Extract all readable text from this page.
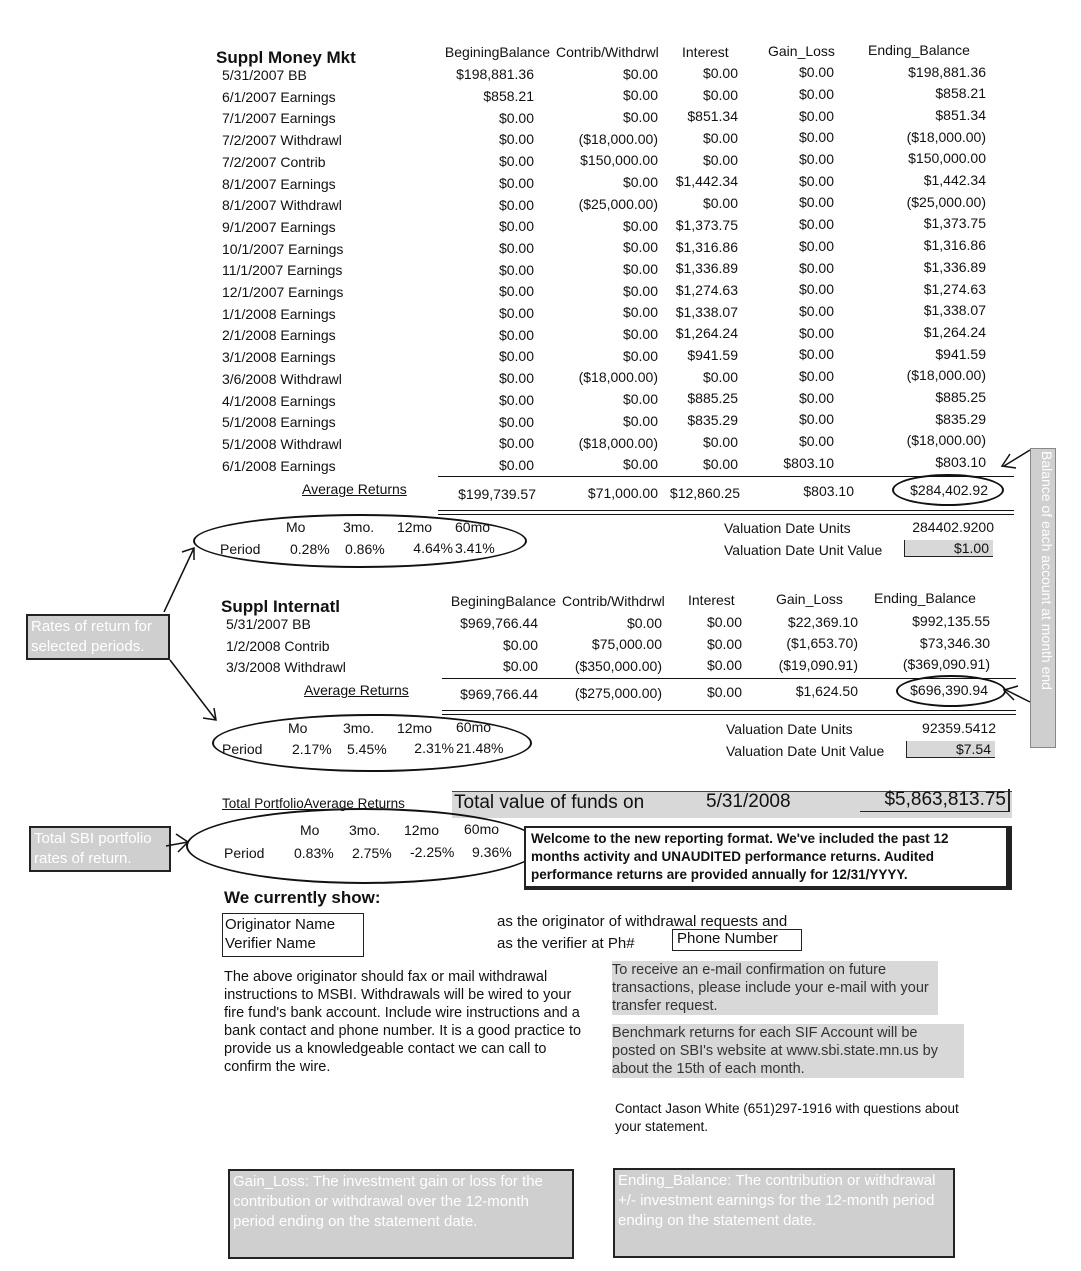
Suppl Money Mkt	BeginingBalance Contrib/Withdrwl Interest	Gain_Loss Ending_Balance
5/31/2007 BB	$198,881.36	$0.00	$0.00	$0.00	$198,881.36
6/1/2007 Earnings	$858.21	$0.00	$0.00	$0.00	$858.21
7/1/2007 Earnings	$0.00	$0.00	$851.34	$0.00	$851.34
7/2/2007 Withdrawl	$0.00	($18,000.00)	$0.00	$0.00	($18,000.00)
7/2/2007 Contrib	$0.00	$150,000.00	$0.00	$0.00	$150,000.00
8/1/2007 Earnings	$0.00	$0.00	$1,442.34	$0.00	$1,442.34
8/1/2007 Withdrawl	$0.00	($25,000.00)	$0.00	$0.00	($25,000.00)
9/1/2007 Earnings	$0.00	$0.00	$1,373.75	$0.00	$1,373.75
10/1/2007 Earnings	$0.00	$0.00	$1,316.86	$0.00	$1,316.86
11/1/2007 Earnings	$0.00	$0.00	$1,336.89	$0.00	$1,336.89
12/1/2007 Earnings	$0.00	$0.00	$1,274.63	$0.00	$1,274.63
1/1/2008 Earnings	$0.00	$0.00	$1,338.07	$0.00	$1,338.07
2/1/2008 Earnings	$0.00	$0.00	$1,264.24	$0.00	$1,264.24
3/1/2008 Earnings	$0.00	$0.00	$941.59	$0.00	$941.59
3/6/2008 Withdrawl	$0.00	($18,000.00)	$0.00	$0.00	($18,000.00)
4/1/2008 Earnings	$0.00	$0.00	$885.25	$0.00	$885.25
5/1/2008 Earnings	$0.00	$0.00	$835.29	$0.00	$835.29
5/1/2008 Withdrawl	$0.00	($18,000.00)	$0.00	$0.00	($18,000.00)
6/1/2008 Earnings	$0.00	$0.00	$0.00	$803.10	$803.10
Average Returns	$199,739.57	$71,000.00 $12,860.25	$803.10	$284,402.92
Mo	3mo. 12mo 60mo
Period 0.28% 0.86%	4.64% 3.41%
Valuation Date Units	284402.9200
Valuation Date Unit Value	$1.00
Suppl Internatl	BeginingBalance Contrib/Withdrwl Interest	Gain_Loss Ending_Balance
5/31/2007 BB	$969,766.44	$0.00	$0.00	$22,369.10	$992,135.55
1/2/2008 Contrib	$0.00	$75,000.00	$0.00	($1,653.70)	$73,346.30
3/3/2008 Withdrawl	$0.00	($350,000.00)	$0.00	($19,090.91)	($369,090.91)
Average Returns	$969,766.44	($275,000.00)	$0.00	$1,624.50	$696,390.94
Mo	3mo. 12mo 60mo
Period 2.17% 5.45%	2.31% 21.48%
Valuation Date Units	92359.5412
Valuation Date Unit Value	$7.54
Total PortfolioAverage Returns	Total value of funds on	5/31/2008	$5,863,813.75
Mo 3mo. 12mo 60mo
Period 0.83% 2.75% -2.25% 9.36%
Welcome to the new reporting format. We've included the past 12 months activity and UNAUDITED performance returns. Audited performance returns are provided annually for 12/31/YYYY.
Rates of return for selected periods.
Total SBI portfolio rates of return.
Balance of each account at month end
We currently show:
Originator Name
Verifier Name
as the originator of withdrawal requests and
as the verifier at Ph#	Phone Number
The above originator should fax or mail withdrawal instructions to MSBI. Withdrawals will be wired to your fire fund's bank account. Include wire instructions and a bank contact and phone number. It is a good practice to provide us a knowledgeable contact we can call to confirm the wire.
To receive an e-mail confirmation on future transactions, please include your e-mail with your transfer request.
Benchmark returns for each SIF Account will be posted on SBI's website at www.sbi.state.mn.us by about the 15th of each month.
Contact Jason White (651)297-1916 with questions about your statement.
Gain_Loss: The investment gain or loss for the contribution or withdrawal over the 12-month period ending on the statement date.
Ending_Balance: The contribution or withdrawal +/- investment earnings for the 12-month period ending on the statement date.
